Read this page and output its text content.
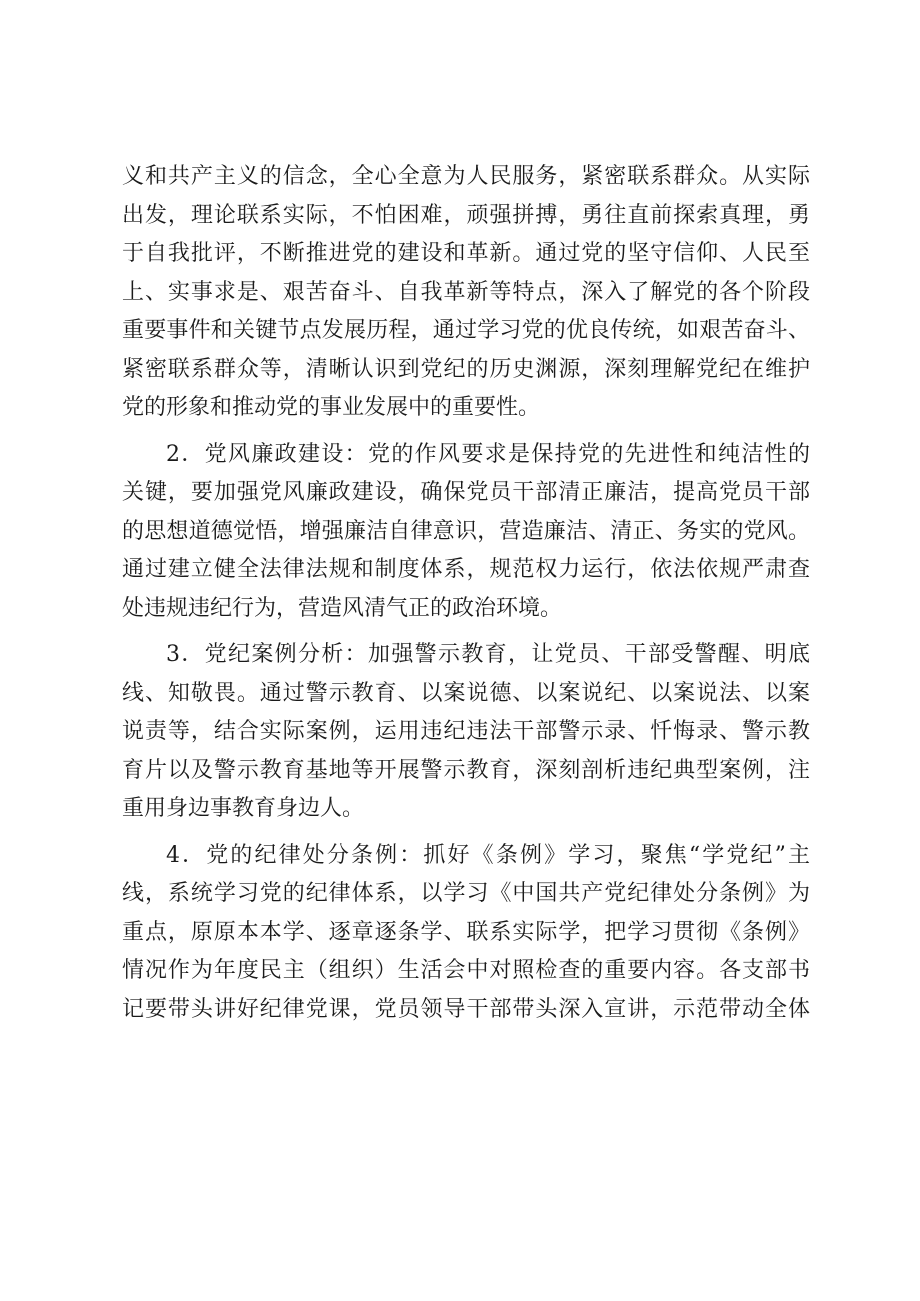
义和共产主义的信念，全心全意为人民服务，紧密联系群众。从实际
出发，理论联系实际，不怕困难，顽强拼搏，勇往直前探索真理，勇
于自我批评，不断推进党的建设和革新。通过党的坚守信仰、人民至
上、实事求是、艰苦奋斗、自我革新等特点，深入了解党的各个阶段
重要事件和关键节点发展历程，通过学习党的优良传统，如艰苦奋斗、
紧密联系群众等，清晰认识到党纪的历史渊源，深刻理解党纪在维护
党的形象和推动党的事业发展中的重要性。
2．党风廉政建设：党的作风要求是保持党的先进性和纯洁性的
关键，要加强党风廉政建设，确保党员干部清正廉洁，提高党员干部
的思想道德觉悟，增强廉洁自律意识，营造廉洁、清正、务实的党风。
通过建立健全法律法规和制度体系，规范权力运行，依法依规严肃查
处违规违纪行为，营造风清气正的政治环境。
3．党纪案例分析：加强警示教育，让党员、干部受警醒、明底
线、知敬畏。通过警示教育、以案说德、以案说纪、以案说法、以案
说责等，结合实际案例，运用违纪违法干部警示录、忏悔录、警示教
育片以及警示教育基地等开展警示教育，深刻剖析违纪典型案例，注
重用身边事教育身边人。
4．党的纪律处分条例：抓好《条例》学习，聚焦“学党纪”主
线，系统学习党的纪律体系，以学习《中国共产党纪律处分条例》为
重点，原原本本学、逐章逐条学、联系实际学，把学习贯彻《条例》
情况作为年度民主（组织）生活会中对照检查的重要内容。各支部书
记要带头讲好纪律党课，党员领导干部带头深入宣讲，示范带动全体
